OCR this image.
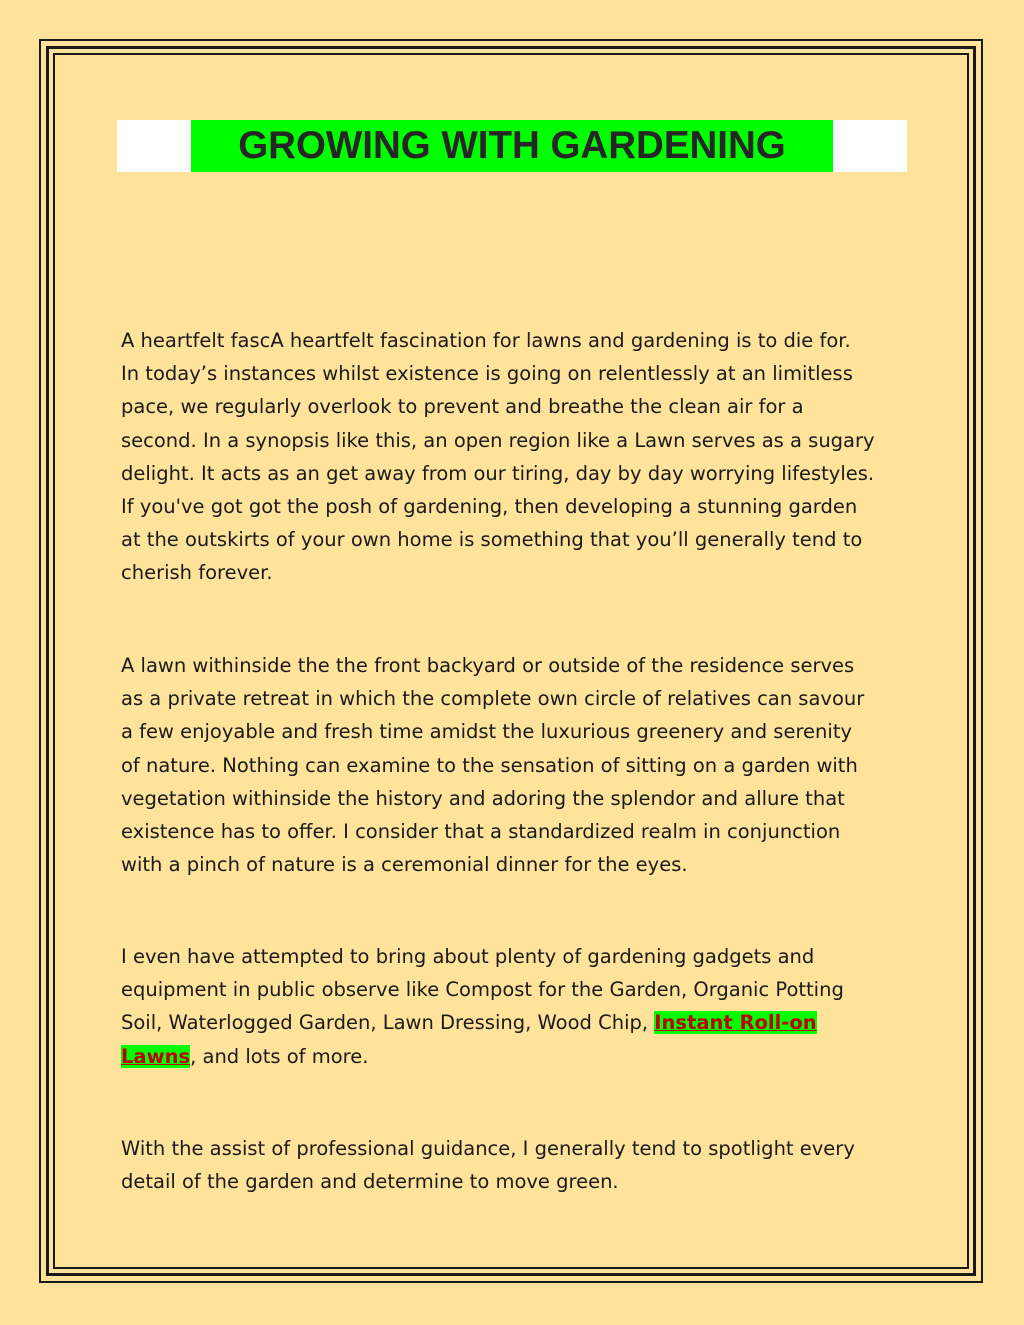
GROWING WITH GARDENING

A heartfelt fascA heartfelt fascination for lawns and gardening is to die for.
In today’s instances whilst existence is going on relentlessly at an limitless
pace, we regularly overlook to prevent and breathe the clean air for a
second. In a synopsis like this, an open region like a Lawn serves as a sugary
delight. It acts as an get away from our tiring, day by day worrying lifestyles.
If you've got got the posh of gardening, then developing a stunning garden
at the outskirts of your own home is something that you’ll generally tend to
cherish forever.

A lawn withinside the the front backyard or outside of the residence serves
as a private retreat in which the complete own circle of relatives can savour
a few enjoyable and fresh time amidst the luxurious greenery and serenity
of nature. Nothing can examine to the sensation of sitting on a garden with
vegetation withinside the history and adoring the splendor and allure that
existence has to offer. I consider that a standardized realm in conjunction
with a pinch of nature is a ceremonial dinner for the eyes.

I even have attempted to bring about plenty of gardening gadgets and
equipment in public observe like Compost for the Garden, Organic Potting
Soil, Waterlogged Garden, Lawn Dressing, Wood Chip, Instant Roll-on
Lawns, and lots of more.

With the assist of professional guidance, I generally tend to spotlight every
detail of the garden and determine to move green.
